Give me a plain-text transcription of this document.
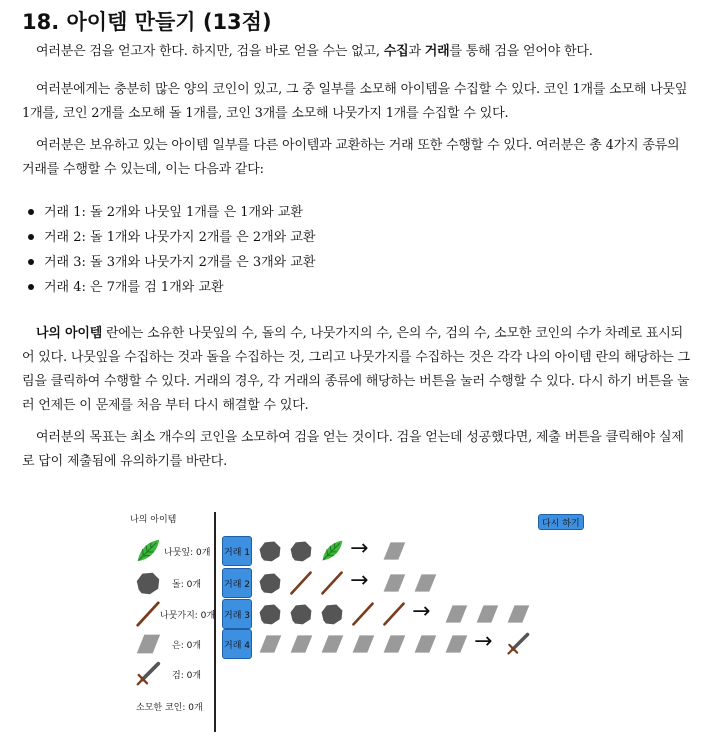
18. 아이템 만들기 (13점)

여러분은 검을 얻고자 한다. 하지만, 검을 바로 얻을 수는 없고, 수집과 거래를 통해 검을 얻어야 한다.

여러분에게는 충분히 많은 양의 코인이 있고, 그 중 일부를 소모해 아이템을 수집할 수 있다. 코인 1개를 소모해 나뭇잎 1개를, 코인 2개를 소모해 돌 1개를, 코인 3개를 소모해 나뭇가지 1개를 수집할 수 있다.

여러분은 보유하고 있는 아이템 일부를 다른 아이템과 교환하는 거래 또한 수행할 수 있다. 여러분은 총 4가지 종류의 거래를 수행할 수 있는데, 이는 다음과 같다:

거래 1: 돌 2개와 나뭇잎 1개를 은 1개와 교환
거래 2: 돌 1개와 나뭇가지 2개를 은 2개와 교환
거래 3: 돌 3개와 나뭇가지 2개를 은 3개와 교환
거래 4: 은 7개를 검 1개와 교환

나의 아이템 란에는 소유한 나뭇잎의 수, 돌의 수, 나뭇가지의 수, 은의 수, 검의 수, 소모한 코인의 수가 차례로 표시되어 있다. 나뭇잎을 수집하는 것과 돌을 수집하는 것, 그리고 나뭇가지를 수집하는 것은 각각 나의 아이템 란의 해당하는 그림을 클릭하여 수행할 수 있다. 거래의 경우, 각 거래의 종류에 해당하는 버튼을 눌러 수행할 수 있다. 다시 하기 버튼을 눌러 언제든 이 문제를 처음 부터 다시 해결할 수 있다.

여러분의 목표는 최소 개수의 코인을 소모하여 검을 얻는 것이다. 검을 얻는데 성공했다면, 제출 버튼을 클릭해야 실제로 답이 제출됨에 유의하기를 바란다.

나의 아이템
나뭇잎: 0개
돌: 0개
나뭇가지: 0개
은: 0개
검: 0개
소모한 코인: 0개
다시 하기
거래 1	→
거래 2	→
거래 3	→
거래 4	→
